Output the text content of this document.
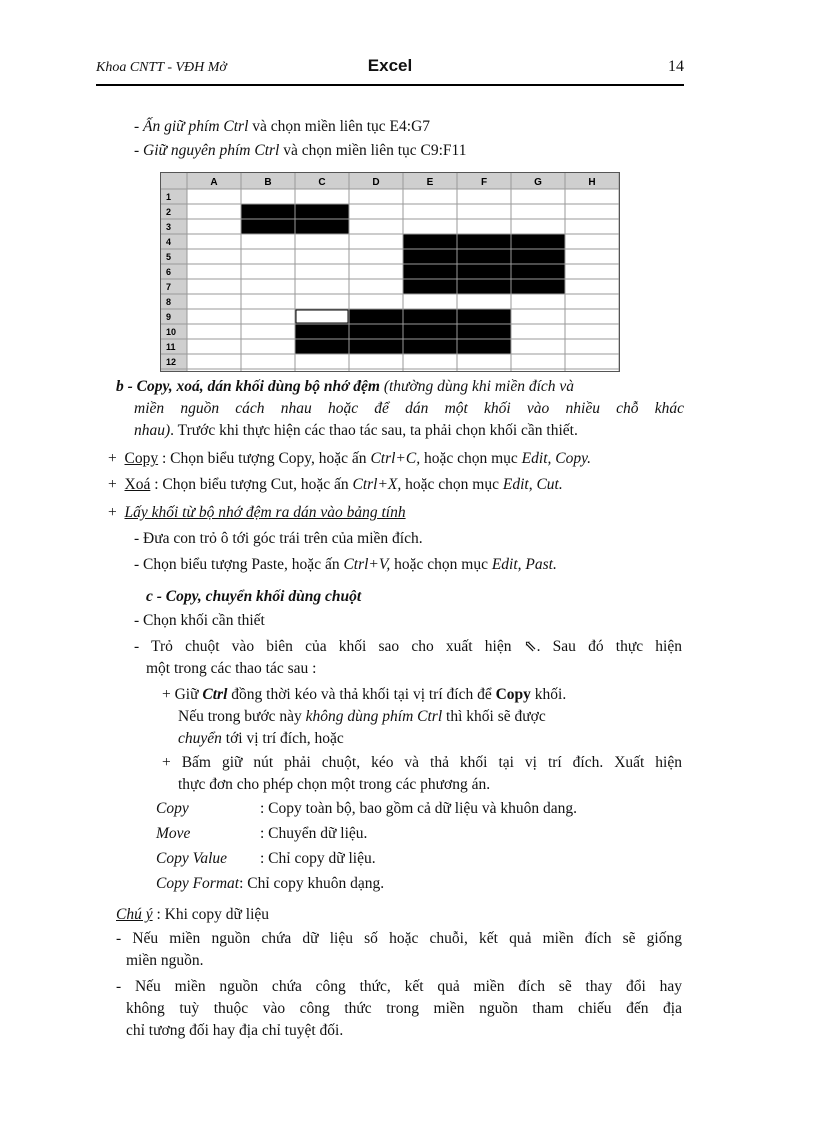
Khoa CNTT - VĐH Mở	Excel	14
- Ấn giữ phím Ctrl và chọn miền liên tục E4:G7
- Giữ nguyên phím Ctrl và chọn miền liên tục C9:F11
A	B	C	D	E	F	G	H
1
2
3
4
5
6
7
8
9
10
11
12
b - Copy, xoá, dán khối dùng bộ nhớ đệm (thường dùng khi miền đích và
miền nguồn cách nhau hoặc để dán một khối vào nhiều chỗ khác
nhau). Trước khi thực hiện các thao tác sau, ta phải chọn khối cần thiết.
+ Copy : Chọn biểu tượng Copy, hoặc ấn Ctrl+C, hoặc chọn mục Edit, Copy.
+ Xoá : Chọn biểu tượng Cut, hoặc ấn Ctrl+X, hoặc chọn mục Edit, Cut.
+ Lấy khối từ bộ nhớ đệm ra dán vào bảng tính
- Đưa con trỏ ô tới góc trái trên của miền đích.
- Chọn biểu tượng Paste, hoặc ấn Ctrl+V, hoặc chọn mục Edit, Past.
c - Copy, chuyển khối dùng chuột
- Chọn khối cần thiết
- Trỏ chuột vào biên của khối sao cho xuất hiện ⇖. Sau đó thực hiện
một trong các thao tác sau :
+ Giữ Ctrl đồng thời kéo và thả khối tại vị trí đích để Copy khối.
Nếu trong bước này không dùng phím Ctrl thì khối sẽ được
chuyển tới vị trí đích, hoặc
+ Bấm giữ nút phải chuột, kéo và thả khối tại vị trí đích. Xuất hiện
thực đơn cho phép chọn một trong các phương án.
Copy	: Copy toàn bộ, bao gồm cả dữ liệu và khuôn dang.
Move	: Chuyển dữ liệu.
Copy Value : Chỉ copy dữ liệu.
Copy Format: Chỉ copy khuôn dạng.
Chú ý : Khi copy dữ liệu
- Nếu miền nguồn chứa dữ liệu số hoặc chuỗi, kết quả miền đích sẽ giống
miền nguồn.
- Nếu miền nguồn chứa công thức, kết quả miền đích sẽ thay đổi hay
không tuỳ thuộc vào công thức trong miền nguồn tham chiếu đến địa
chỉ tương đối hay địa chỉ tuyệt đối.
